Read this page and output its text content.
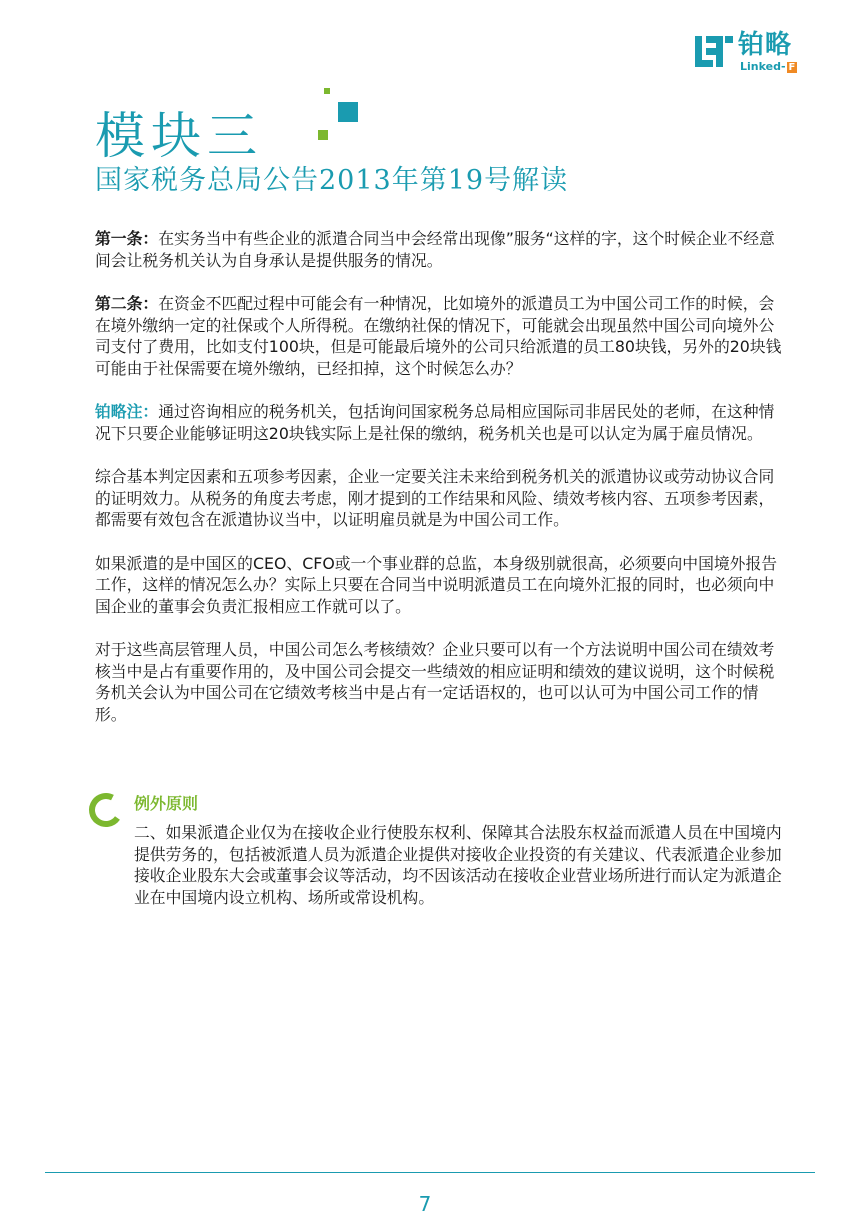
铂略
Linked- F
模块三
国家税务总局公告2013年第19号解读

第一条：在实务当中有些企业的派遣合同当中会经常出现像”服务“这样的字，这个时候企业不经意间会让税务机关认为自身承认是提供服务的情况。

第二条：在资金不匹配过程中可能会有一种情况，比如境外的派遣员工为中国公司工作的时候，会在境外缴纳一定的社保或个人所得税。在缴纳社保的情况下，可能就会出现虽然中国公司向境外公司支付了费用，比如支付100块，但是可能最后境外的公司只给派遣的员工80块钱，另外的20块钱可能由于社保需要在境外缴纳，已经扣掉，这个时候怎么办？

铂略注：通过咨询相应的税务机关，包括询问国家税务总局相应国际司非居民处的老师，在这种情况下只要企业能够证明这20块钱实际上是社保的缴纳，税务机关也是可以认定为属于雇员情况。

综合基本判定因素和五项参考因素，企业一定要关注未来给到税务机关的派遣协议或劳动协议合同的证明效力。从税务的角度去考虑，刚才提到的工作结果和风险、绩效考核内容、五项参考因素，都需要有效包含在派遣协议当中，以证明雇员就是为中国公司工作。

如果派遣的是中国区的CEO、CFO或一个事业群的总监，本身级别就很高，必须要向中国境外报告工作，这样的情况怎么办？实际上只要在合同当中说明派遣员工在向境外汇报的同时，也必须向中国企业的董事会负责汇报相应工作就可以了。

对于这些高层管理人员，中国公司怎么考核绩效？企业只要可以有一个方法说明中国公司在绩效考核当中是占有重要作用的，及中国公司会提交一些绩效的相应证明和绩效的建议说明，这个时候税务机关会认为中国公司在它绩效考核当中是占有一定话语权的，也可以认可为中国公司工作的情形。

例外原则

二、如果派遣企业仅为在接收企业行使股东权利、保障其合法股东权益而派遣人员在中国境内提供劳务的，包括被派遣人员为派遣企业提供对接收企业投资的有关建议、代表派遣企业参加接收企业股东大会或董事会议等活动，均不因该活动在接收企业营业场所进行而认定为派遣企业在中国境内设立机构、场所或常设机构。

7
